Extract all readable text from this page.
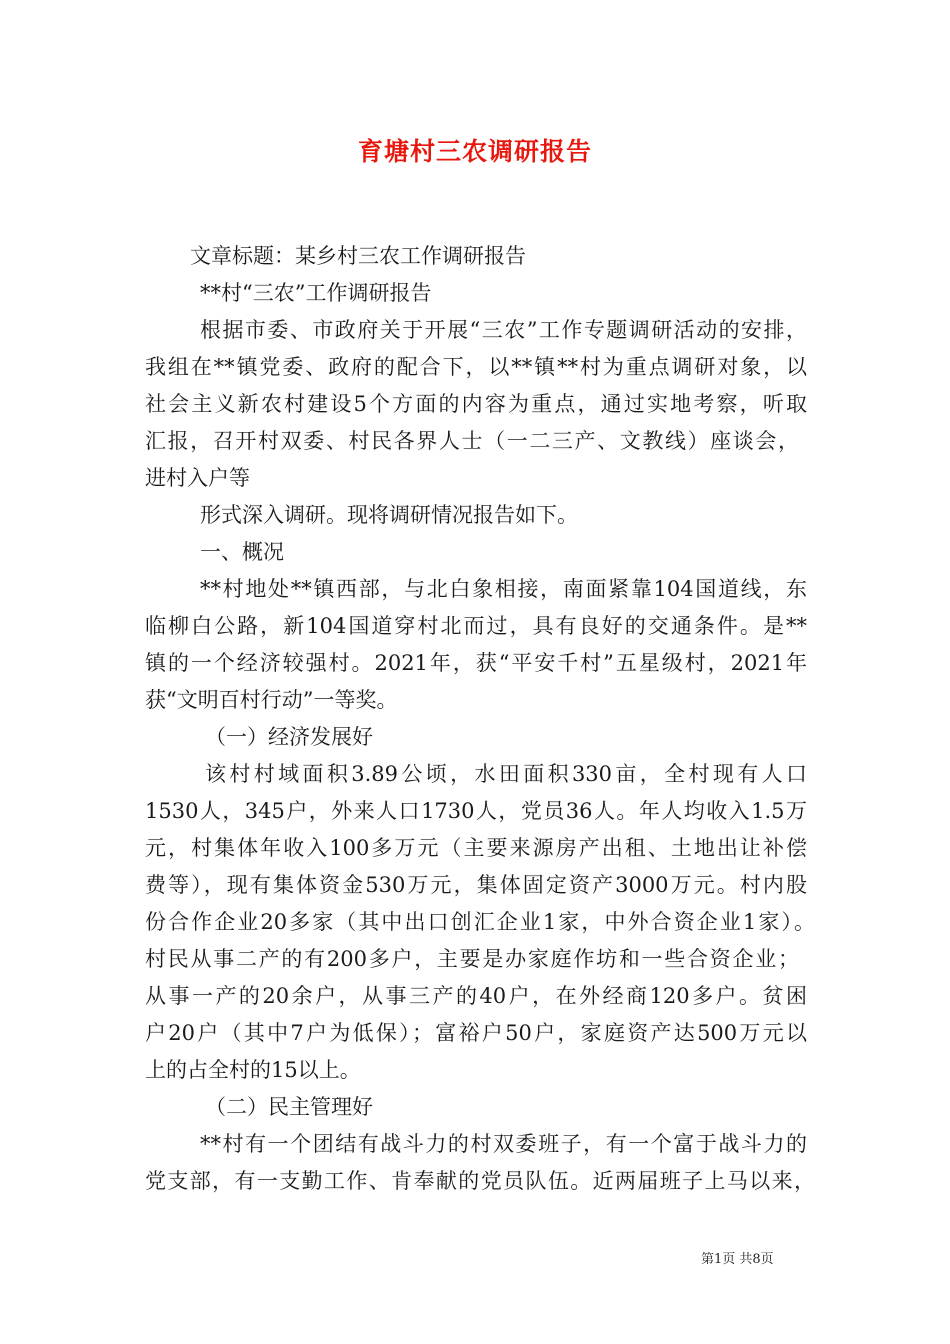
育塘村三农调研报告
文章标题：某乡村三农工作调研报告
**村“三农”工作调研报告
根据市委、市政府关于开展“三农”工作专题调研活动的安排，
我组在**镇党委、政府的配合下，以**镇**村为重点调研对象，以
社会主义新农村建设5个方面的内容为重点，通过实地考察，听取
汇报，召开村双委、村民各界人士（一二三产、文教线）座谈会，
进村入户等
形式深入调研。现将调研情况报告如下。
一、概况
**村地处**镇西部，与北白象相接，南面紧靠104国道线，东
临柳白公路，新104国道穿村北而过，具有良好的交通条件。是**
镇的一个经济较强村。2021年，获“平安千村”五星级村，2021年
获“文明百村行动”一等奖。
（一）经济发展好
该村村域面积3.89公顷，水田面积330亩，全村现有人口
1530人，345户，外来人口1730人，党员36人。年人均收入1.5万
元，村集体年收入100多万元（主要来源房产出租、土地出让补偿
费等），现有集体资金530万元，集体固定资产3000万元。村内股
份合作企业20多家（其中出口创汇企业1家，中外合资企业1家）。
村民从事二产的有200多户，主要是办家庭作坊和一些合资企业；
从事一产的20余户，从事三产的40户，在外经商120多户。贫困
户20户（其中7户为低保）；富裕户50户，家庭资产达500万元以
上的占全村的15以上。
（二）民主管理好
**村有一个团结有战斗力的村双委班子，有一个富于战斗力的
党支部，有一支勤工作、肯奉献的党员队伍。近两届班子上马以来，
第1页 共8页
